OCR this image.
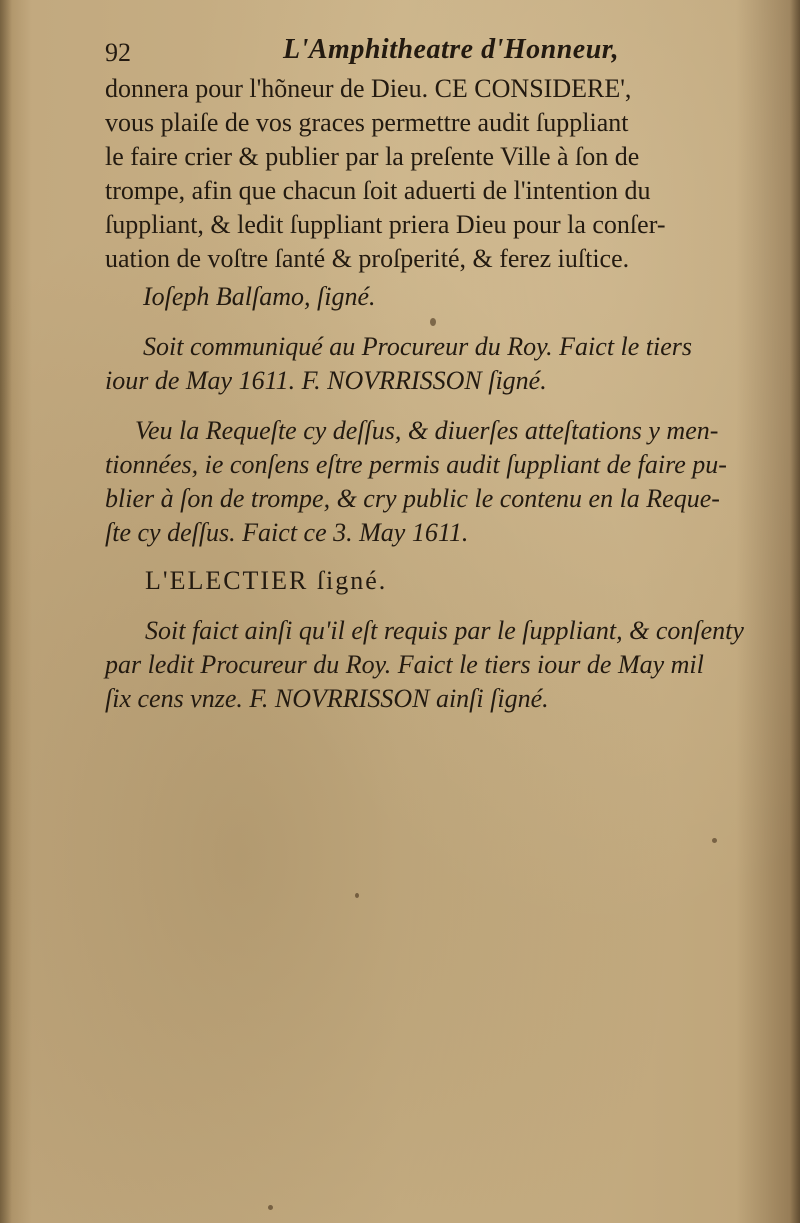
92	L'Amphitheatre d'Honneur,
donnera pour l'hõneur de Dieu. CE CONSIDERE',
vous plaiſe de vos graces permettre audit ſuppliant
le faire crier & publier par la preſente Ville à ſon de
trompe, afin que chacun ſoit aduerti de l'intention du
ſuppliant, & ledit ſuppliant priera Dieu pour la conſer-
uation de voſtre ſanté & proſperité, & ferez iuſtice.
Ioſeph Balſamo, ſigné.
Soit communiqué au Procureur du Roy. Faict le tiers
iour de May 1611. F. NOVRRISSON ſigné.
Veu la Requeſte cy deſſus, & diuerſes atteſtations y men-
tionnées, ie conſens eſtre permis audit ſuppliant de faire pu-
blier à ſon de trompe, & cry public le contenu en la Reque-
ſte cy deſſus. Faict ce 3. May 1611.
L'ELECTIER ſigné.
Soit faict ainſi qu'il eſt requis par le ſuppliant, & conſenty
par ledit Procureur du Roy. Faict le tiers iour de May mil
ſix cens vnze. F. NOVRRISSON ainſi ſigné.
